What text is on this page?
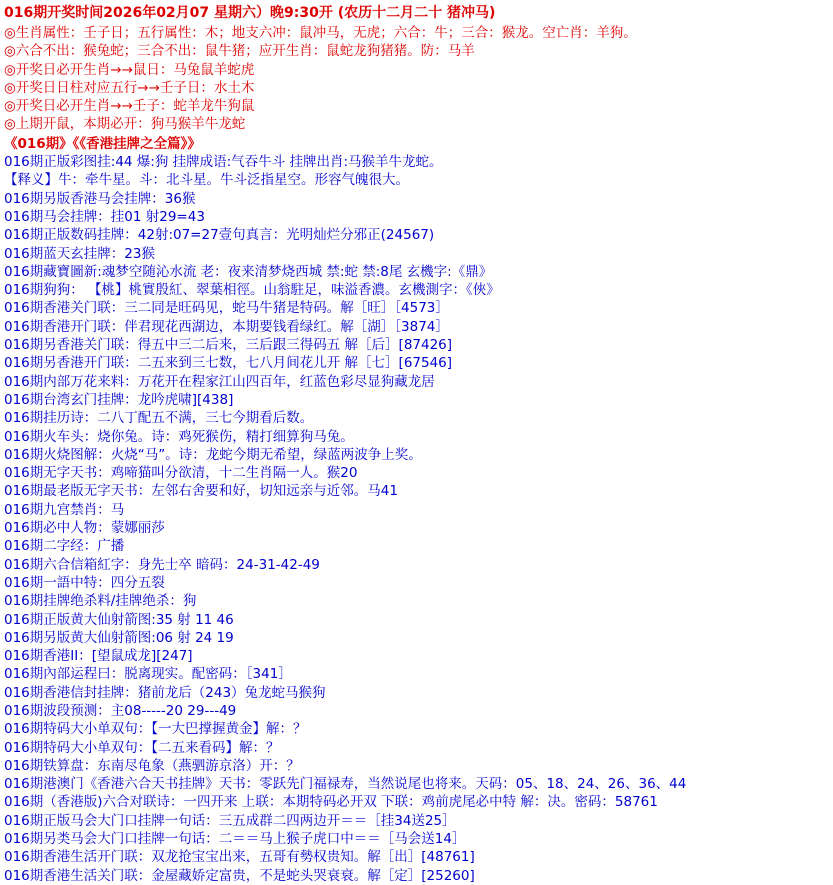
016期开奖时间2026年02月07 星期六）晚9:30开 (农历十二月二十 猪冲马)
◎生肖属性：壬子日；五行属性：木；地支六冲：鼠冲马，无虎；六合：牛；三合：猴龙。空亡肖：羊狗。
◎六合不出：猴兔蛇；三合不出：鼠牛猪；应开生肖：鼠蛇龙狗猪猪。防：马羊
◎开奖日必开生肖→→鼠日：马兔鼠羊蛇虎
◎开奖日日柱对应五行→→壬子日：水土木
◎开奖日必开生肖→→壬子：蛇羊龙牛狗鼠
◎上期开鼠，本期必开：狗马猴羊牛龙蛇
《016期》《《香港挂牌之全篇》》
016期正版彩图挂:44 爆:狗 挂牌成语:气吞牛斗 挂牌出肖:马猴羊牛龙蛇。
【释义】牛：牵牛星。斗：北斗星。牛斗泛指星空。形容气魄很大。
016期另版香港马会挂牌：36猴
016期马会挂牌：挂01 射29=43
016期正版数码挂牌：42射:07=27壹句真言：光明灿烂分邪正(24567)
016期蓝天玄挂牌：23猴
016期藏寶圖新:魂梦空随沁水流 老：夜来清梦烧西城 禁:蛇 禁:8尾 玄機字:《鼎》
016期狗狗： 【桃】桃實殷紅、翠葉相徑。山翁駐足，味溢香濃。玄機測字：《俠》
016期香港关门联：三二同是旺码见，蛇马牛猪是特码。解［旺］［4573］
016期香港开门联：伴君现花西湖边，本期要钱看绿红。解［湖］［3874］
016期另香港关门联：得五中三二后来，三后跟三得码五 解［后］[87426]
016期另香港开门联：二五来到三七数，七八月间花儿开 解［七］[67546]
016期内部万花来料：万花开在程家江山四百年，红蓝色彩尽显狗藏龙居
016期台湾玄门挂牌：龙吟虎啸][438]
016期挂历诗：二八丁配五不满，三七今期看后数。
016期火车头：烧你兔。诗：鸡死猴伤，精打细算狗马兔。
016期火烧图解：火烧“马”。诗：龙蛇今期无希望，绿蓝两波争上奖。
016期无字天书：鸡啼猫叫分欲清，十二生肖隔一人。猴20
016期最老版无字天书：左邻右舍要和好，切知远亲与近邻。马41
016期九宫禁肖：马
016期必中人物：蒙娜丽莎
016期二字经：广播
016期六合信箱紅字：身先士卒 暗码：24-31-42-49
016期一語中特：四分五裂
016期挂牌绝杀料/挂牌绝杀：狗
016期正版黄大仙射箭图:35 射 11 46
016期另版黄大仙射箭图:06 射 24 19
016期香港II：[望鼠成龙][247]
016期內部运程曰：脱离现实。配密码：［341］
016期香港信封挂牌：猪前龙后（243）兔龙蛇马猴狗
016期波段预测：主08-----20 29---49
016期特码大小单双句：【一大巴撑握黄金】解：？
016期特码大小单双句：【二五来看码】解：？
016期铁算盘：东南尽龟象（燕驷游京洛）开：？
016期港澳门《香港六合天书挂牌》天书：零跃先门福禄寿，当然说尾也将来。天码：05、18、24、26、36、44
016期（香港版)六合对联诗：一四开来 上联：本期特码必开双 下联：鸡前虎尾必中特 解：决。密码：58761
016期正版马会大门口挂牌一句话：三五成群二四两边开＝＝［挂34送25］
016期另类马会大门口挂牌一句话：二＝＝马上猴子虎口中＝＝［马会送14］
016期香港生活开门联：双龙抢宝宝出来，五哥有勢权贵知。解［出］[48761]
016期香港生活关门联：金屋藏娇定富贵，不是蛇头哭衰衰。解［定］[25260]
